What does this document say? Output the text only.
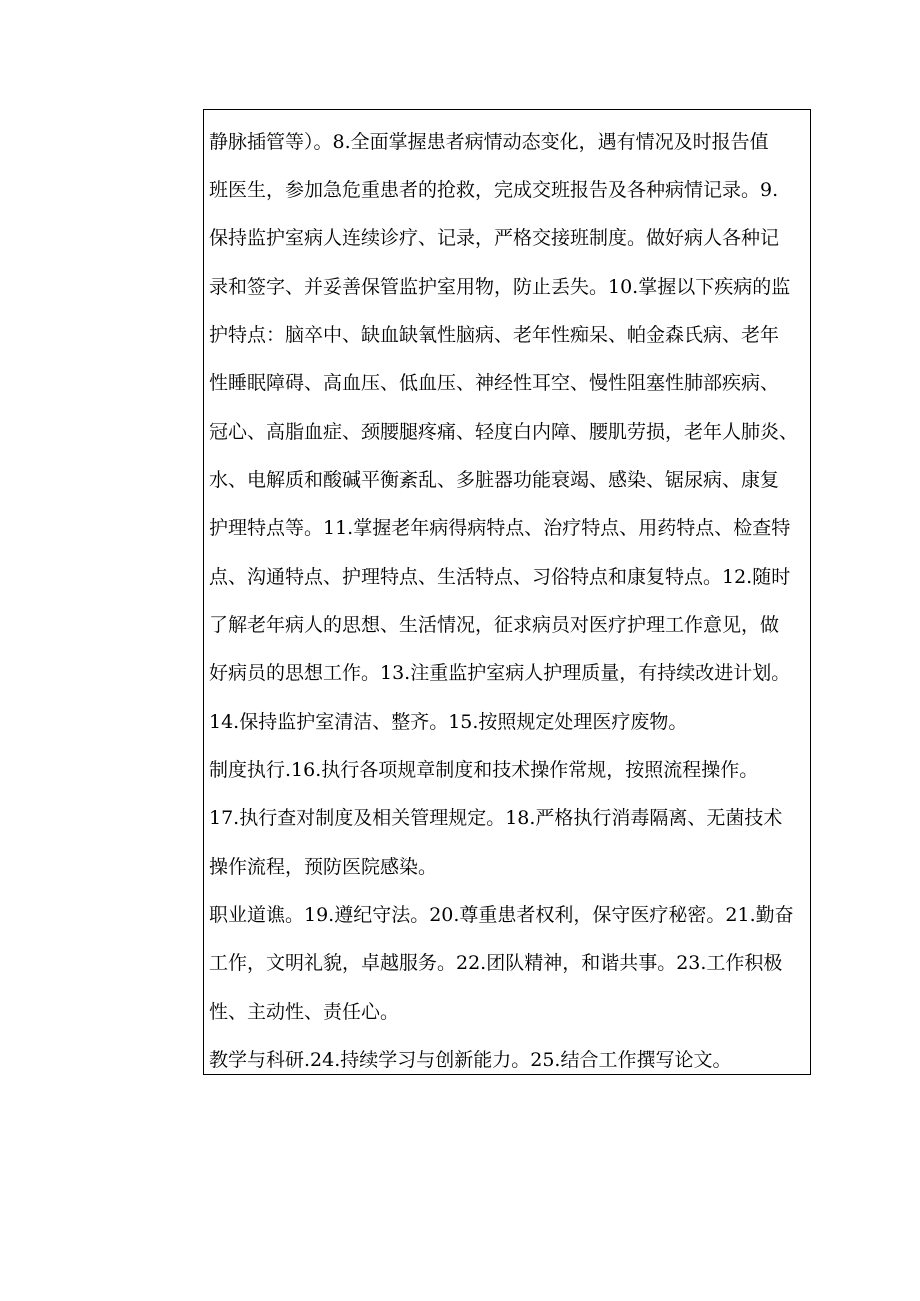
静脉插管等）。8.全面掌握患者病情动态变化，遇有情况及时报告值
班医生，参加急危重患者的抢救，完成交班报告及各种病情记录。9.
保持监护室病人连续诊疗、记录，严格交接班制度。做好病人各种记
录和签字、并妥善保管监护室用物，防止丢失。10.掌握以下疾病的监
护特点：脑卒中、缺血缺氧性脑病、老年性痴呆、帕金森氏病、老年
性睡眠障碍、高血压、低血压、神经性耳空、慢性阻塞性肺部疾病、
冠心、高脂血症、颈腰腿疼痛、轻度白内障、腰肌劳损，老年人肺炎、
水、电解质和酸碱平衡紊乱、多脏器功能衰竭、感染、锯尿病、康复
护理特点等。11.掌握老年病得病特点、治疗特点、用药特点、检查特
点、沟通特点、护理特点、生活特点、习俗特点和康复特点。12.随时
了解老年病人的思想、生活情况，征求病员对医疗护理工作意见，做
好病员的思想工作。13.注重监护室病人护理质量，有持续改进计划。
14.保持监护室清洁、整齐。15.按照规定处理医疗废物。
制度执行.16.执行各项规章制度和技术操作常规，按照流程操作。
17.执行查对制度及相关管理规定。18.严格执行消毒隔离、无菌技术
操作流程，预防医院感染。
职业道谯。19.遵纪守法。20.尊重患者权利，保守医疗秘密。21.勤奋
工作，文明礼貌，卓越服务。22.团队精神，和谐共事。23.工作积极
性、主动性、责任心。
教学与科研.24.持续学习与创新能力。25.结合工作撰写论文。
